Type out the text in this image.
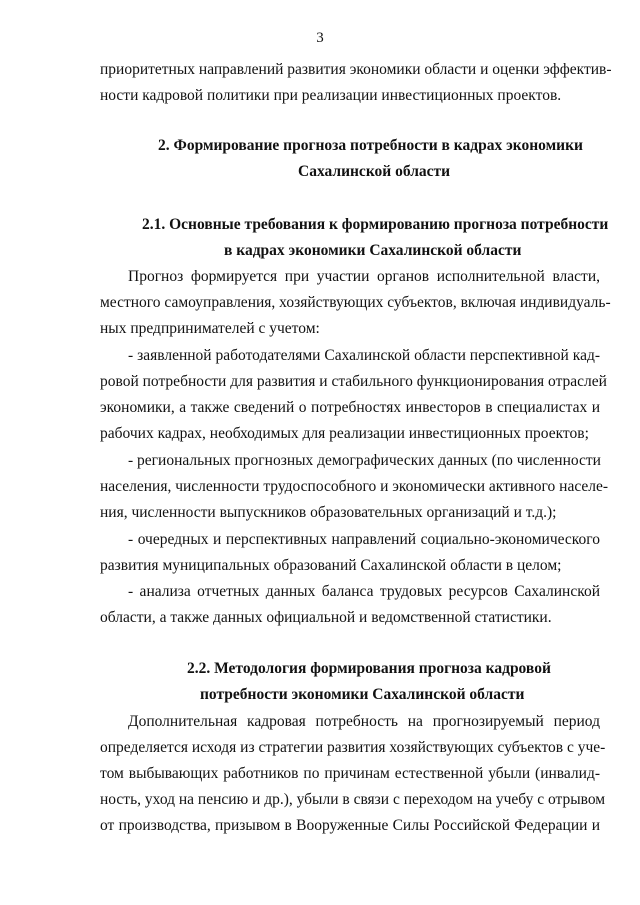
3
приоритетных направлений развития экономики области и оценки эффектив-
ности кадровой политики при реализации инвестиционных проектов.
2. Формирование прогноза потребности в кадрах экономики
Сахалинской области
2.1. Основные требования к формированию прогноза потребности
в кадрах экономики Сахалинской области
Прогноз формируется при участии органов исполнительной власти,
местного самоуправления, хозяйствующих субъектов, включая индивидуаль-
ных предпринимателей с учетом:
- заявленной работодателями Сахалинской области перспективной кад-
ровой потребности для развития и стабильного функционирования отраслей
экономики, а также сведений о потребностях инвесторов в специалистах и
рабочих кадрах, необходимых для реализации инвестиционных проектов;
- региональных прогнозных демографических данных (по численности
населения, численности трудоспособного и экономически активного населе-
ния, численности выпускников образовательных организаций и т.д.);
- очередных и перспективных направлений социально-экономического
развития муниципальных образований Сахалинской области в целом;
- анализа отчетных данных баланса трудовых ресурсов Сахалинской
области, а также данных официальной и ведомственной статистики.
2.2. Методология формирования прогноза кадровой
потребности экономики Сахалинской области
Дополнительная кадровая потребность на прогнозируемый период
определяется исходя из стратегии развития хозяйствующих субъектов с уче-
том выбывающих работников по причинам естественной убыли (инвалид-
ность, уход на пенсию и др.), убыли в связи с переходом на учебу с отрывом
от производства, призывом в Вооруженные Силы Российской Федерации и
